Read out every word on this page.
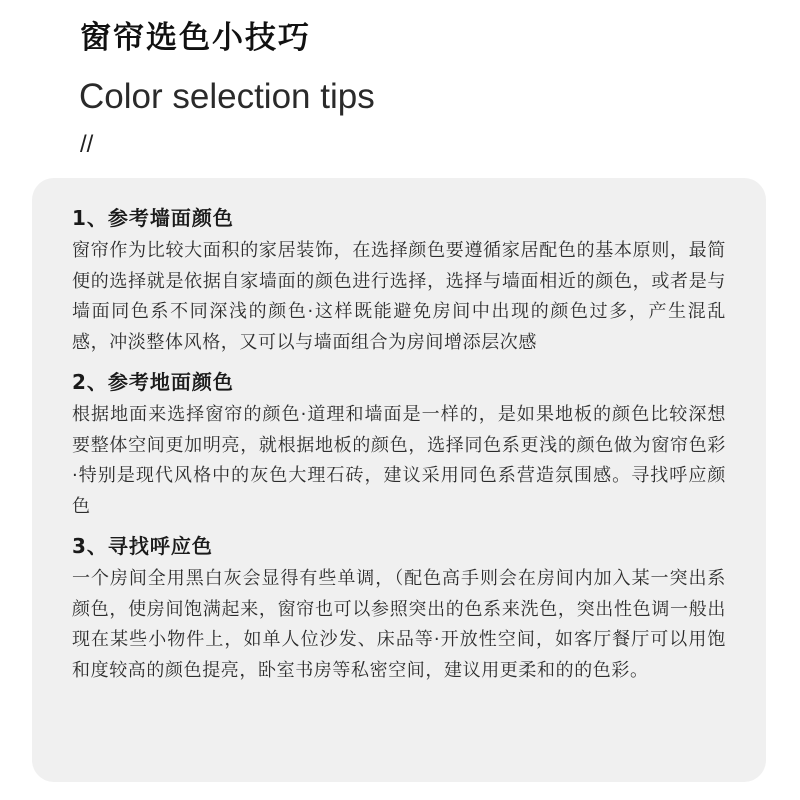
窗帘选色小技巧
Color selection tips
//
1、参考墙面颜色

窗帘作为比较大面积的家居装饰，在选择颜色要遵循家居配色的基本原则，最简便的选择就是依据自家墙面的颜色进行选择，选择与墙面相近的颜色，或者是与墙面同色系不同深浅的颜色·这样既能避免房间中出现的颜色过多，产生混乱感，冲淡整体风格，又可以与墙面组合为房间增添层次感

2、参考地面颜色

根据地面来选择窗帘的颜色·道理和墙面是一样的，是如果地板的颜色比较深想要整体空间更加明亮，就根据地板的颜色，选择同色系更浅的颜色做为窗帘色彩·特别是现代风格中的灰色大理石砖，建议采用同色系营造氛围感。寻找呼应颜色

3、寻找呼应色

一个房间全用黑白灰会显得有些单调，（配色高手则会在房间内加入某一突出系颜色，使房间饱满起来，窗帘也可以参照突出的色系来洗色，突出性色调一般出现在某些小物件上，如单人位沙发、床品等·开放性空间，如客厅餐厅可以用饱和度较高的颜色提亮，卧室书房等私密空间，建议用更柔和的的色彩。
